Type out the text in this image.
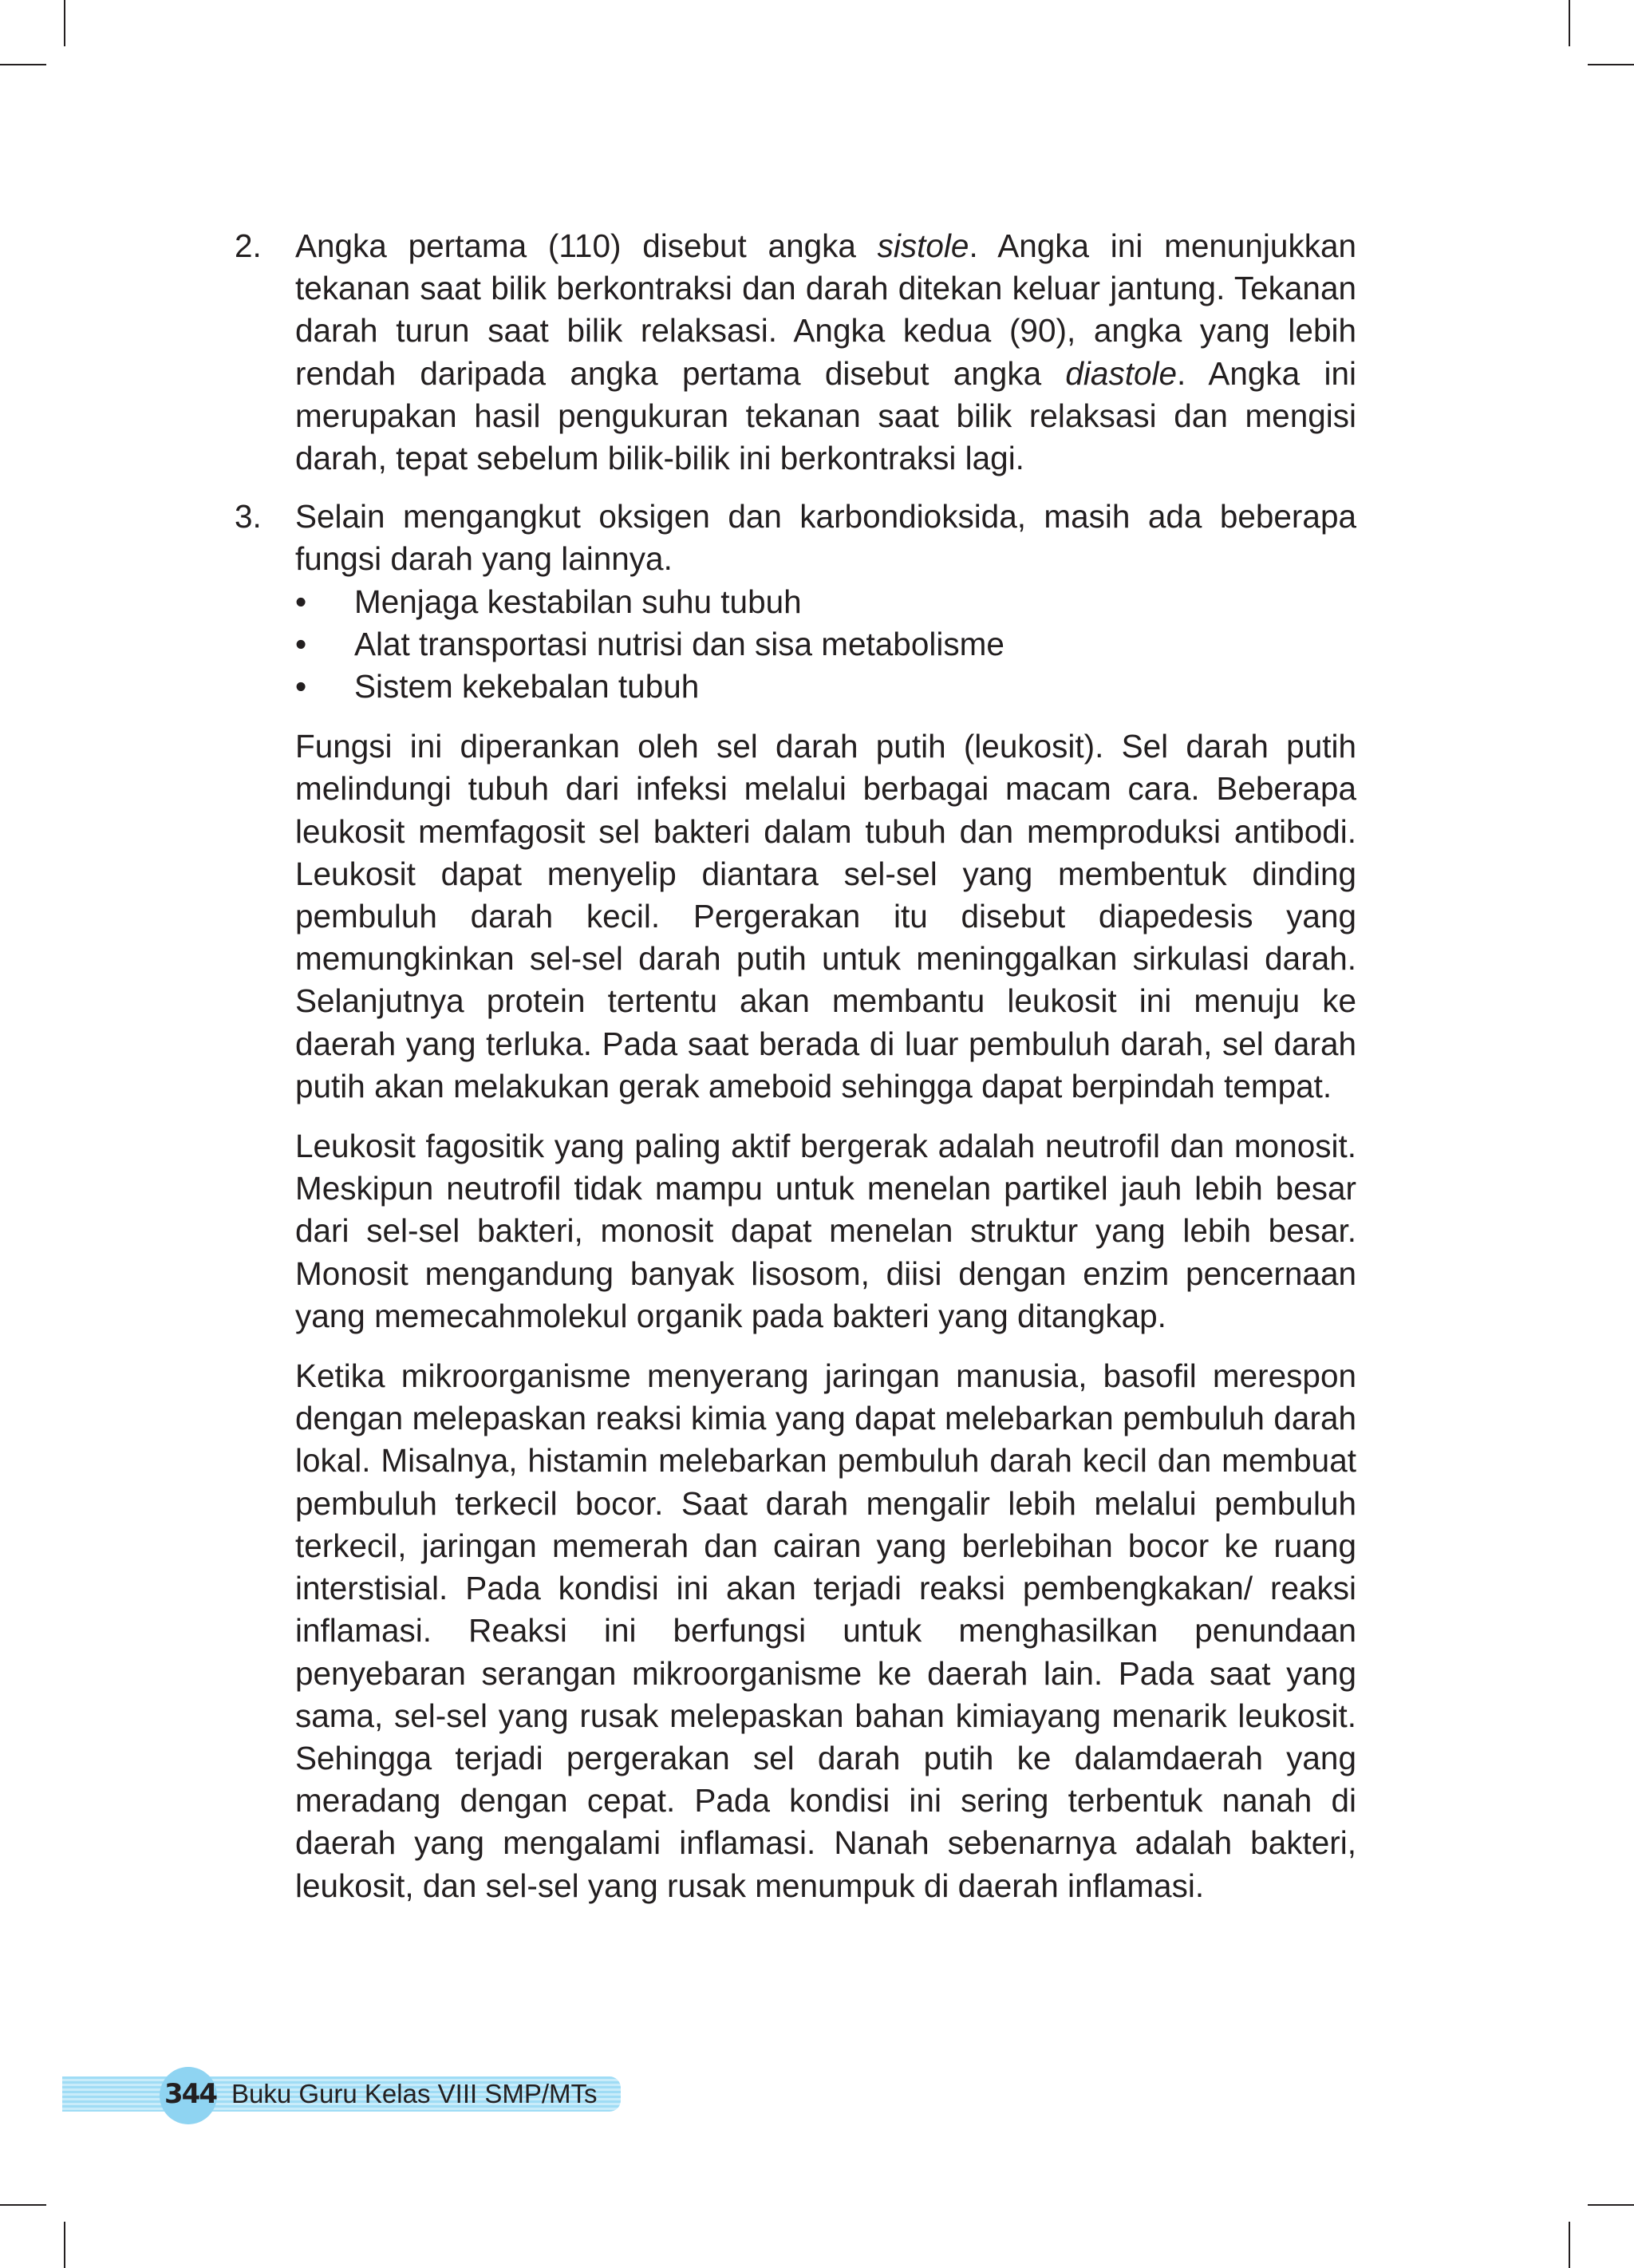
2. Angka pertama (110) disebut angka sistole. Angka ini menunjukkan tekanan saat bilik berkontraksi dan darah ditekan keluar jantung. Tekanan darah turun saat bilik relaksasi. Angka kedua (90), angka yang lebih rendah daripada angka pertama disebut angka diastole. Angka ini merupakan hasil pengukuran tekanan saat bilik relaksasi dan mengisi darah, tepat sebelum bilik-bilik ini berkontraksi lagi.
3. Selain mengangkut oksigen dan karbondioksida, masih ada beberapa fungsi darah yang lainnya.
• Menjaga kestabilan suhu tubuh
• Alat transportasi nutrisi dan sisa metabolisme
• Sistem kekebalan tubuh

Fungsi ini diperankan oleh sel darah putih (leukosit). Sel darah putih melindungi tubuh dari infeksi melalui berbagai macam cara. Beberapa leukosit memfagosit sel bakteri dalam tubuh dan memproduksi antibodi. Leukosit dapat menyelip diantara sel-sel yang membentuk dinding pembuluh darah kecil. Pergerakan itu disebut diapedesis yang memungkinkan sel-sel darah putih untuk meninggalkan sirkulasi darah. Selanjutnya protein tertentu akan membantu leukosit ini menuju ke daerah yang terluka. Pada saat berada di luar pembuluh darah, sel darah putih akan melakukan gerak ameboid sehingga dapat berpindah tempat.

Leukosit fagositik yang paling aktif bergerak adalah neutrofil dan monosit. Meskipun neutrofil tidak mampu untuk menelan partikel jauh lebih besar dari sel-sel bakteri, monosit dapat menelan struktur yang lebih besar. Monosit mengandung banyak lisosom, diisi dengan enzim pencernaan yang memecahmolekul organik pada bakteri yang ditangkap.

Ketika mikroorganisme menyerang jaringan manusia, basofil merespon dengan melepaskan reaksi kimia yang dapat melebarkan pembuluh darah lokal. Misalnya, histamin melebarkan pembuluh darah kecil dan membuat pembuluh terkecil bocor. Saat darah mengalir lebih melalui pembuluh terkecil, jaringan memerah dan cairan yang berlebihan bocor ke ruang interstisial. Pada kondisi ini akan terjadi reaksi pembengkakan/ reaksi inflamasi. Reaksi ini berfungsi untuk menghasilkan penundaan penyebaran serangan mikroorganisme ke daerah lain. Pada saat yang sama, sel-sel yang rusak melepaskan bahan kimiayang menarik leukosit. Sehingga terjadi pergerakan sel darah putih ke dalamdaerah yang meradang dengan cepat. Pada kondisi ini sering terbentuk nanah di daerah yang mengalami inflamasi. Nanah sebenarnya adalah bakteri, leukosit, dan sel-sel yang rusak menumpuk di daerah inflamasi.

344 Buku Guru Kelas VIII SMP/MTs
